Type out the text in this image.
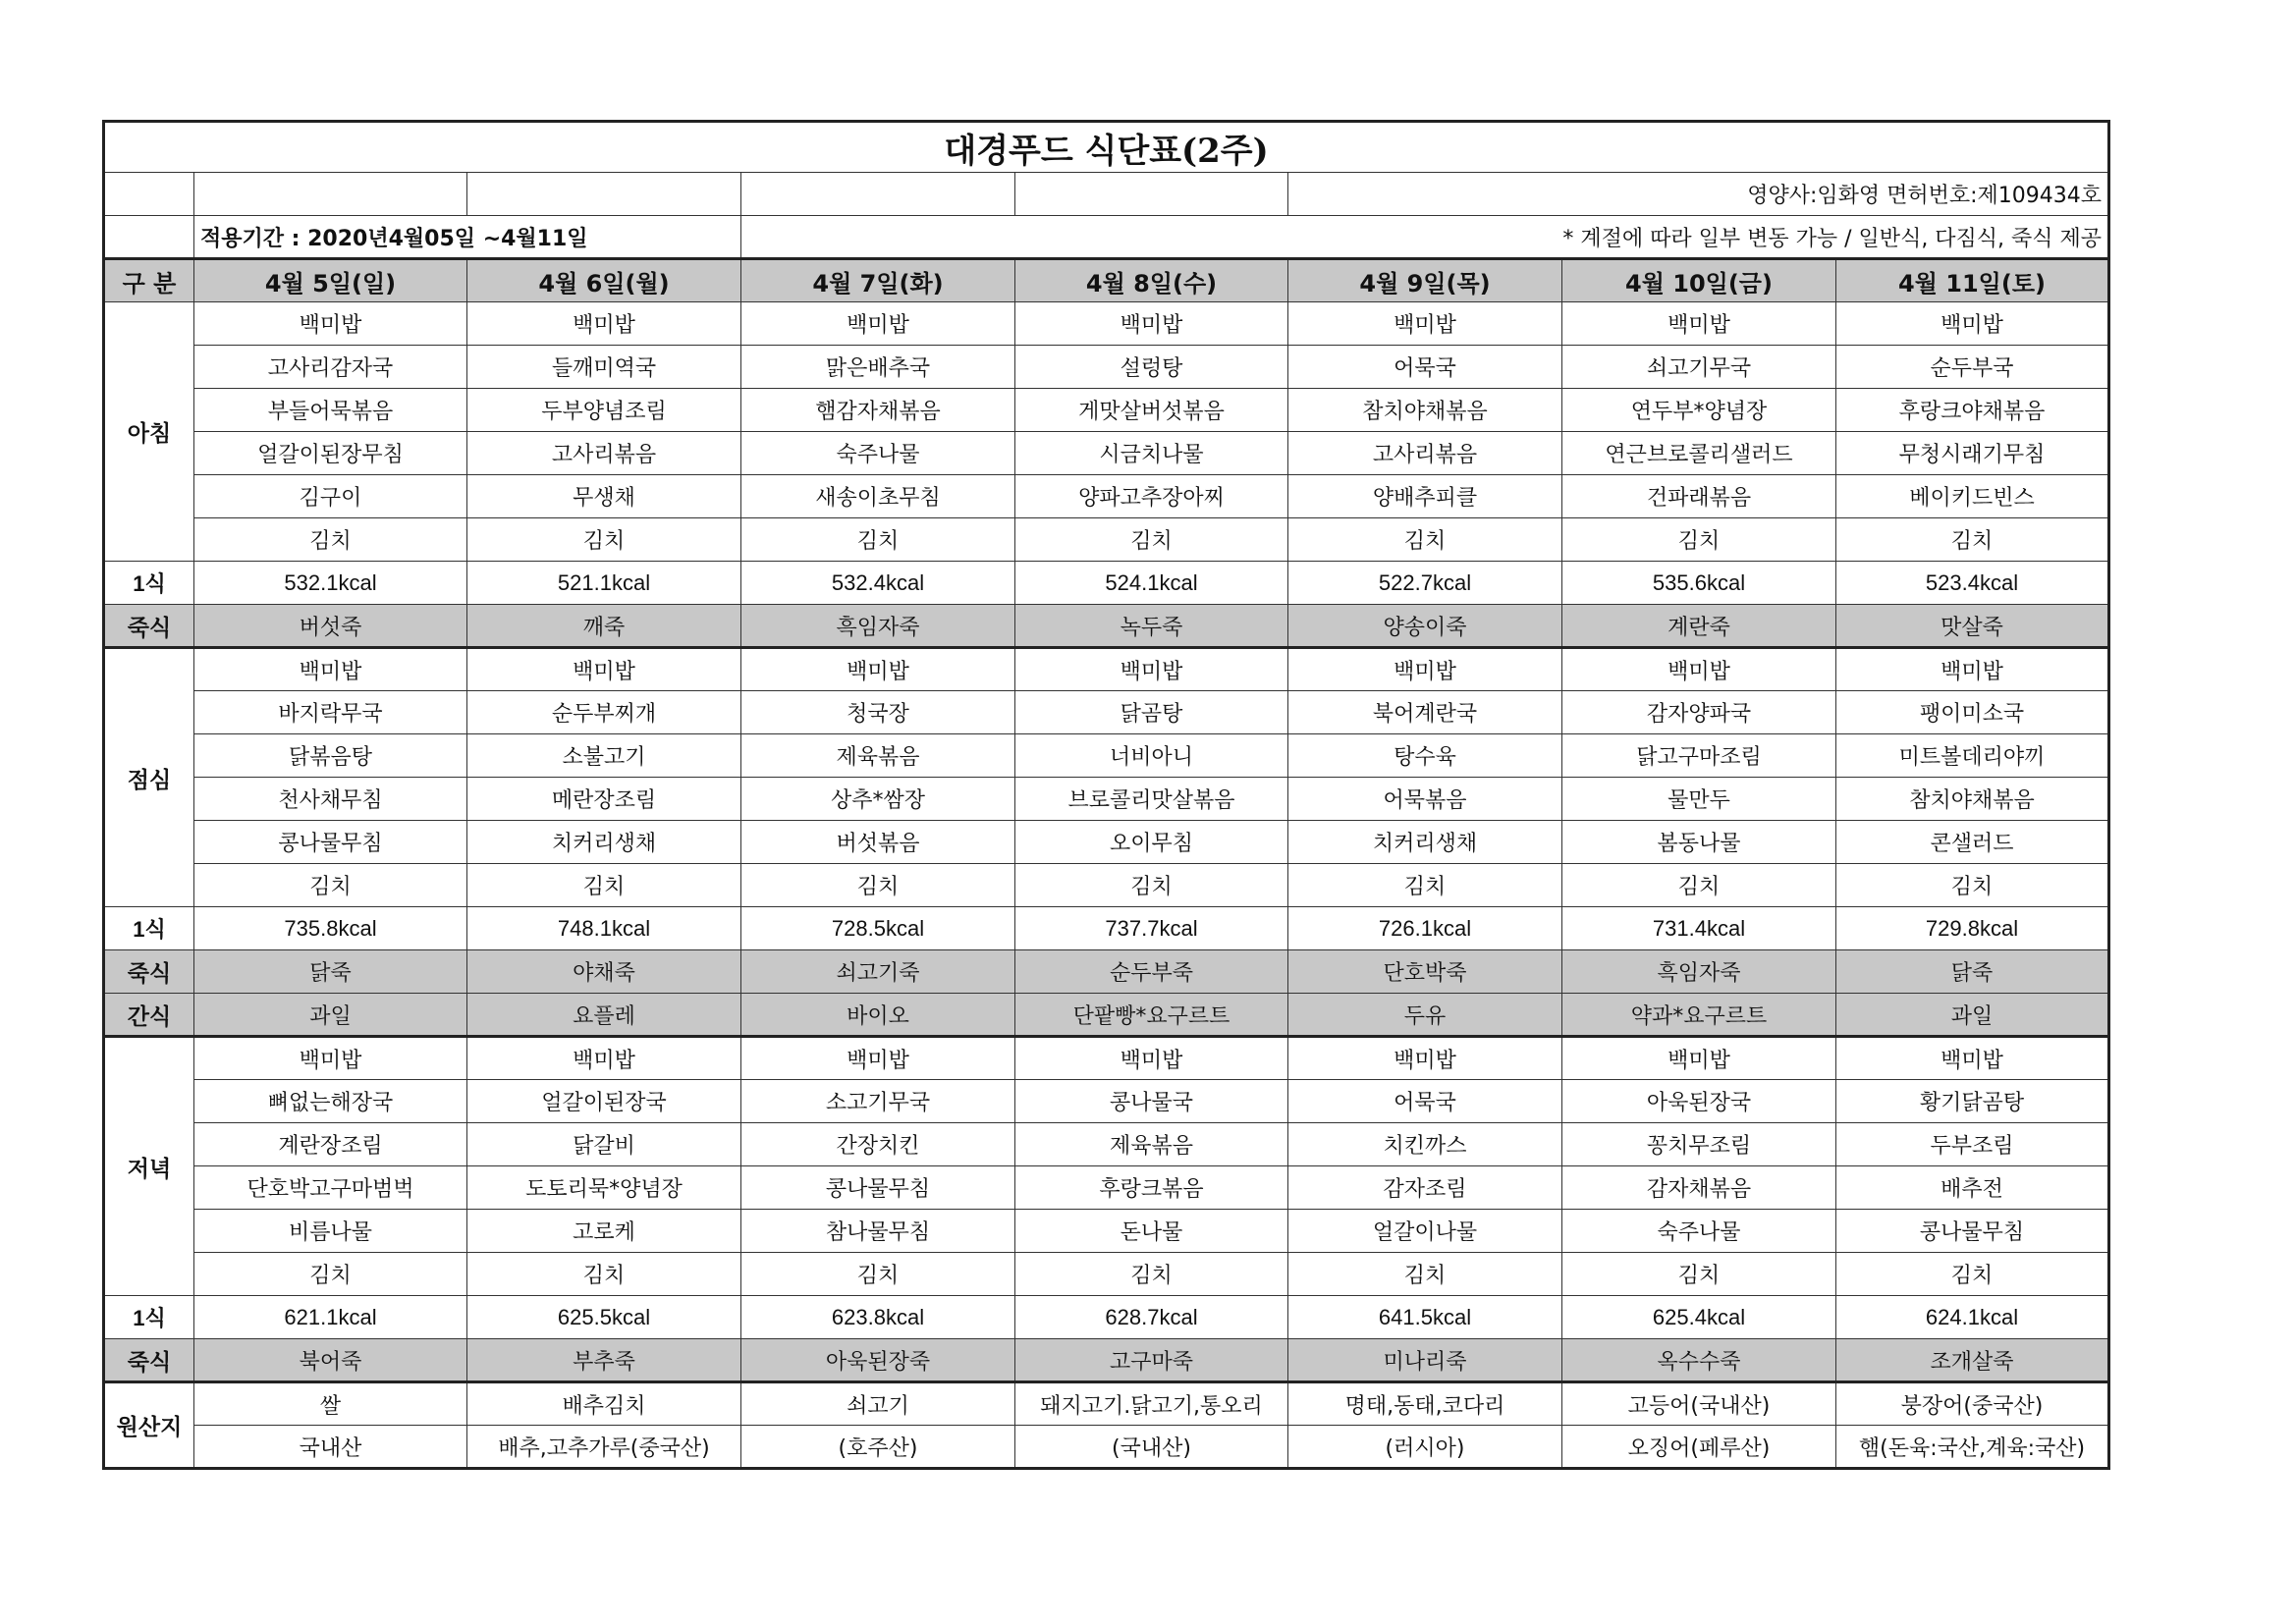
대경푸드 식단표(2주)							
					영양사:임화영 면허번호:제109434호		
	적용기간 : 2020년4월05일 ~4월11일		* 계절에 따라 일부 변동 가능 / 일반식, 다짐식, 죽식 제공				
구 분	4월 5일(일)	4월 6일(월)	4월 7일(화)	4월 8일(수)	4월 9일(목)	4월 10일(금)	4월 11일(토)
아침	백미밥	백미밥	백미밥	백미밥	백미밥	백미밥	백미밥
	고사리감자국	들깨미역국	맑은배추국	설렁탕	어묵국	쇠고기무국	순두부국
	부들어묵볶음	두부양념조림	햄감자채볶음	게맛살버섯볶음	참치야채볶음	연두부*양념장	후랑크야채볶음
	얼갈이된장무침	고사리볶음	숙주나물	시금치나물	고사리볶음	연근브로콜리샐러드	무청시래기무침
	김구이	무생채	새송이초무침	양파고추장아찌	양배추피클	건파래볶음	베이키드빈스
	김치	김치	김치	김치	김치	김치	김치
1식	532.1kcal	521.1kcal	532.4kcal	524.1kcal	522.7kcal	535.6kcal	523.4kcal
죽식	버섯죽	깨죽	흑임자죽	녹두죽	양송이죽	계란죽	맛살죽
점심	백미밥	백미밥	백미밥	백미밥	백미밥	백미밥	백미밥
	바지락무국	순두부찌개	청국장	닭곰탕	북어계란국	감자양파국	팽이미소국
	닭볶음탕	소불고기	제육볶음	너비아니	탕수육	닭고구마조림	미트볼데리야끼
	천사채무침	메란장조림	상추*쌈장	브로콜리맛살볶음	어묵볶음	물만두	참치야채볶음
	콩나물무침	치커리생채	버섯볶음	오이무침	치커리생채	봄동나물	콘샐러드
	김치	김치	김치	김치	김치	김치	김치
1식	735.8kcal	748.1kcal	728.5kcal	737.7kcal	726.1kcal	731.4kcal	729.8kcal
죽식	닭죽	야채죽	쇠고기죽	순두부죽	단호박죽	흑임자죽	닭죽
간식	과일	요플레	바이오	단팥빵*요구르트	두유	약과*요구르트	과일
저녁	백미밥	백미밥	백미밥	백미밥	백미밥	백미밥	백미밥
	뼈없는해장국	얼갈이된장국	소고기무국	콩나물국	어묵국	아욱된장국	황기닭곰탕
	계란장조림	닭갈비	간장치킨	제육볶음	치킨까스	꽁치무조림	두부조림
	단호박고구마범벅	도토리묵*양념장	콩나물무침	후랑크볶음	감자조림	감자채볶음	배추전
	비름나물	고로케	참나물무침	돈나물	얼갈이나물	숙주나물	콩나물무침
	김치	김치	김치	김치	김치	김치	김치
1식	621.1kcal	625.5kcal	623.8kcal	628.7kcal	641.5kcal	625.4kcal	624.1kcal
죽식	북어죽	부추죽	아욱된장죽	고구마죽	미나리죽	옥수수죽	조개살죽
원산지	쌀	배추김치	쇠고기	돼지고기.닭고기,통오리	명태,동태,코다리	고등어(국내산)	붕장어(중국산)
	국내산	배추,고추가루(중국산)	(호주산)	(국내산)	(러시아)	오징어(페루산)	햄(돈육:국산,계육:국산)
